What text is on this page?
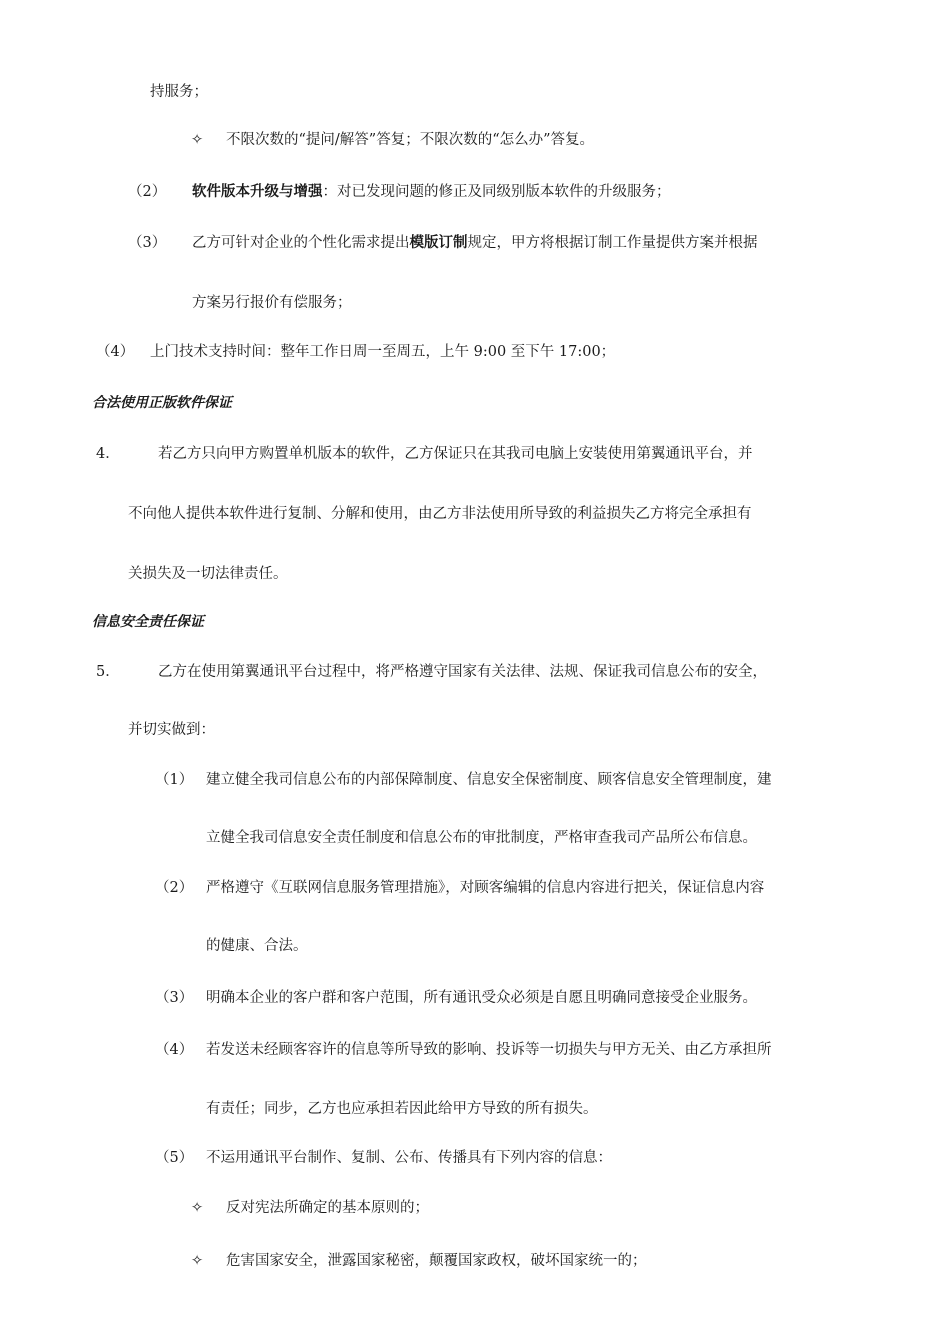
持服务；
✧ 不限次数的“提问/解答”答复；不限次数的“怎么办”答复。
（2） 软件版本升级与增强：对已发现问题的修正及同级别版本软件的升级服务；
（3） 乙方可针对企业的个性化需求提出模版订制规定，甲方将根据订制工作量提供方案并根据
方案另行报价有偿服务；
（4） 上门技术支持时间：整年工作日周一至周五，上午 9:00 至下午 17:00；
合法使用正版软件保证
4．	若乙方只向甲方购置单机版本的软件，乙方保证只在其我司电脑上安装使用第翼通讯平台，并
不向他人提供本软件进行复制、分解和使用，由乙方非法使用所导致的利益损失乙方将完全承担有
关损失及一切法律责任。
信息安全责任保证
5．	乙方在使用第翼通讯平台过程中，将严格遵守国家有关法律、法规、保证我司信息公布的安全，
并切实做到：
（1） 建立健全我司信息公布的内部保障制度、信息安全保密制度、顾客信息安全管理制度，建
立健全我司信息安全责任制度和信息公布的审批制度，严格审查我司产品所公布信息。
（2） 严格遵守《互联网信息服务管理措施》，对顾客编辑的信息内容进行把关，保证信息内容
的健康、合法。
（3） 明确本企业的客户群和客户范围，所有通讯受众必须是自愿且明确同意接受企业服务。
（4） 若发送未经顾客容许的信息等所导致的影响、投诉等一切损失与甲方无关、由乙方承担所
有责任；同步，乙方也应承担若因此给甲方导致的所有损失。
（5） 不运用通讯平台制作、复制、公布、传播具有下列内容的信息：
✧ 反对宪法所确定的基本原则的；
✧ 危害国家安全，泄露国家秘密，颠覆国家政权，破坏国家统一的；
